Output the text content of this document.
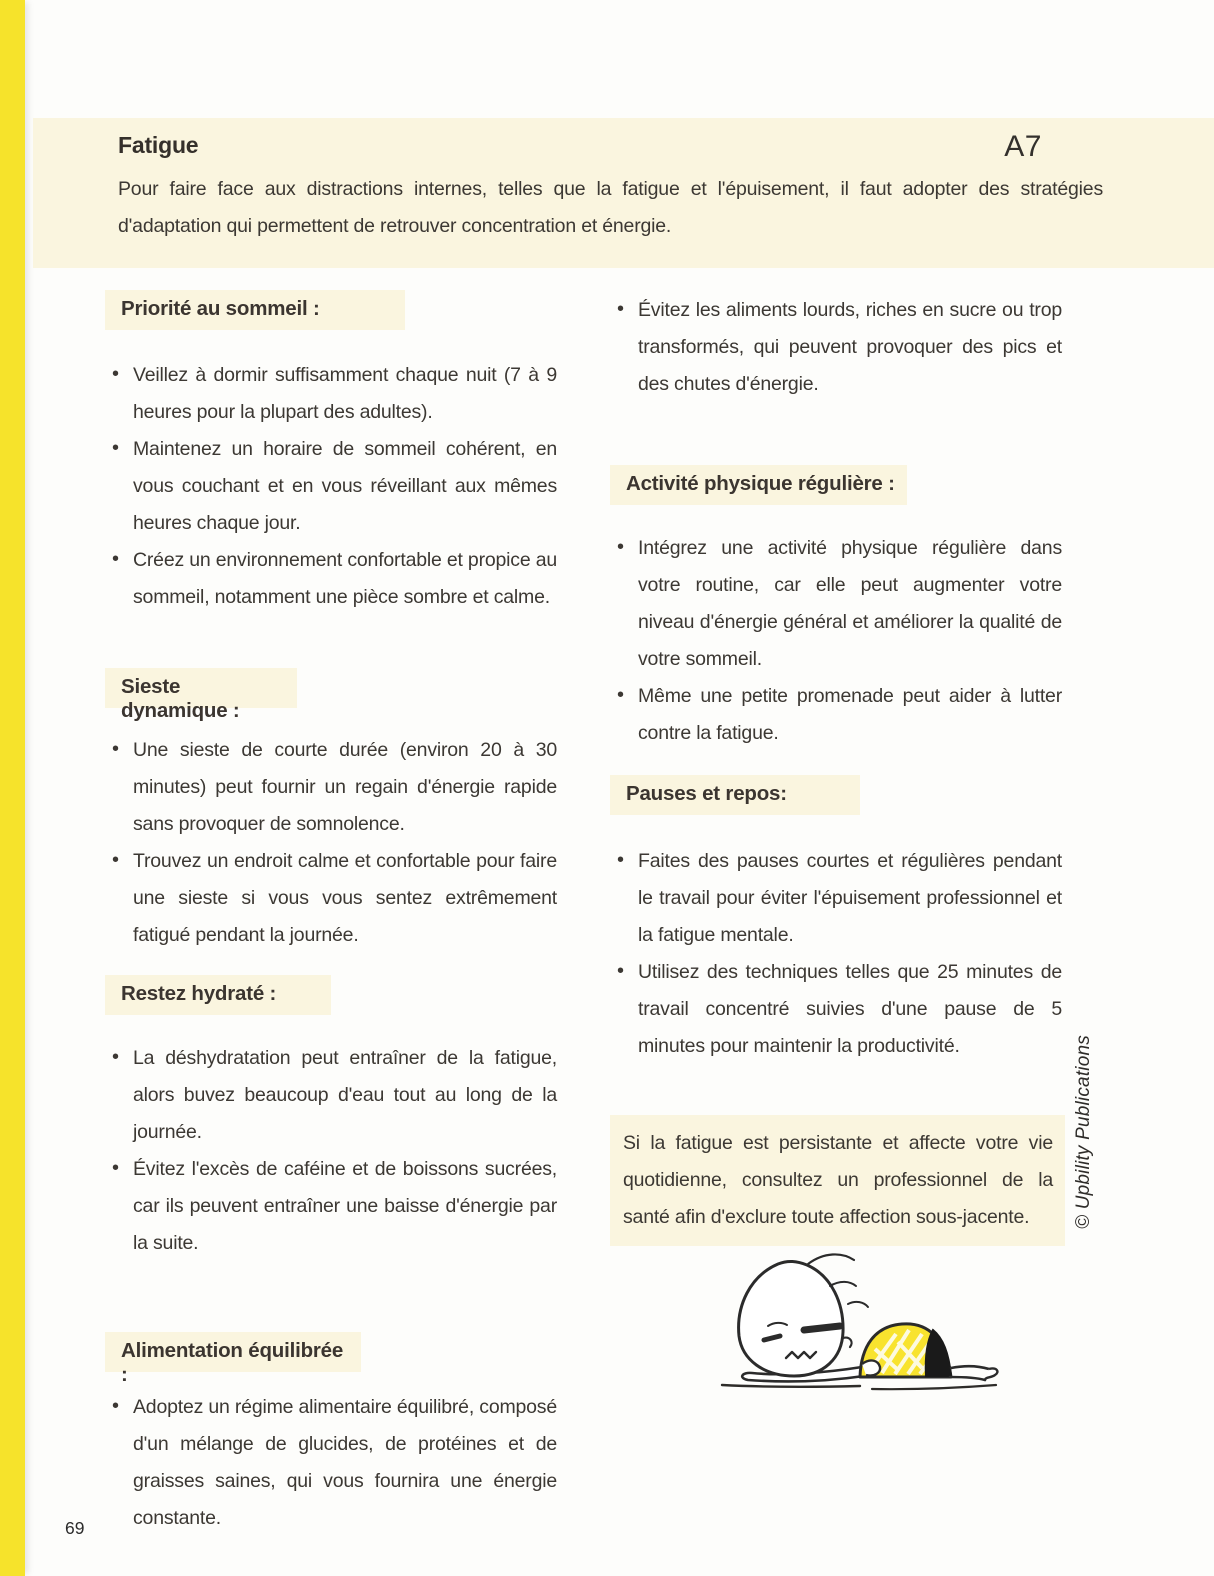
Fatigue	A7

Pour faire face aux distractions internes, telles que la fatigue et l'épuisement, il faut adopter des stratégies d'adaptation qui permettent de retrouver concentration et énergie.

Priorité au sommeil :
• Veillez à dormir suffisamment chaque nuit (7 à 9 heures pour la plupart des adultes).
• Maintenez un horaire de sommeil cohérent, en vous couchant et en vous réveillant aux mêmes heures chaque jour.
• Créez un environnement confortable et propice au sommeil, notamment une pièce sombre et calme.
Sieste dynamique :
• Une sieste de courte durée (environ 20 à 30 minutes) peut fournir un regain d'énergie rapide sans provoquer de somnolence.
• Trouvez un endroit calme et confortable pour faire une sieste si vous vous sentez extrêmement fatigué pendant la journée.
Restez hydraté :
• La déshydratation peut entraîner de la fatigue, alors buvez beaucoup d'eau tout au long de la journée.
• Évitez l'excès de caféine et de boissons sucrées, car ils peuvent entraîner une baisse d'énergie par la suite.
Alimentation équilibrée :
• Adoptez un régime alimentaire équilibré, composé d'un mélange de glucides, de protéines et de graisses saines, qui vous fournira une énergie constante.
• Évitez les aliments lourds, riches en sucre ou trop transformés, qui peuvent provoquer des pics et des chutes d'énergie.
Activité physique régulière :
• Intégrez une activité physique régulière dans votre routine, car elle peut augmenter votre niveau d'énergie général et améliorer la qualité de votre sommeil.
• Même une petite promenade peut aider à lutter contre la fatigue.
Pauses et repos:
• Faites des pauses courtes et régulières pendant le travail pour éviter l'épuisement professionnel et la fatigue mentale.
• Utilisez des techniques telles que 25 minutes de travail concentré suivies d'une pause de 5 minutes pour maintenir la productivité.
Si la fatigue est persistante et affecte votre vie quotidienne, consultez un professionnel de la santé afin d'exclure toute affection sous-jacente.	© Upbility Publications
69
